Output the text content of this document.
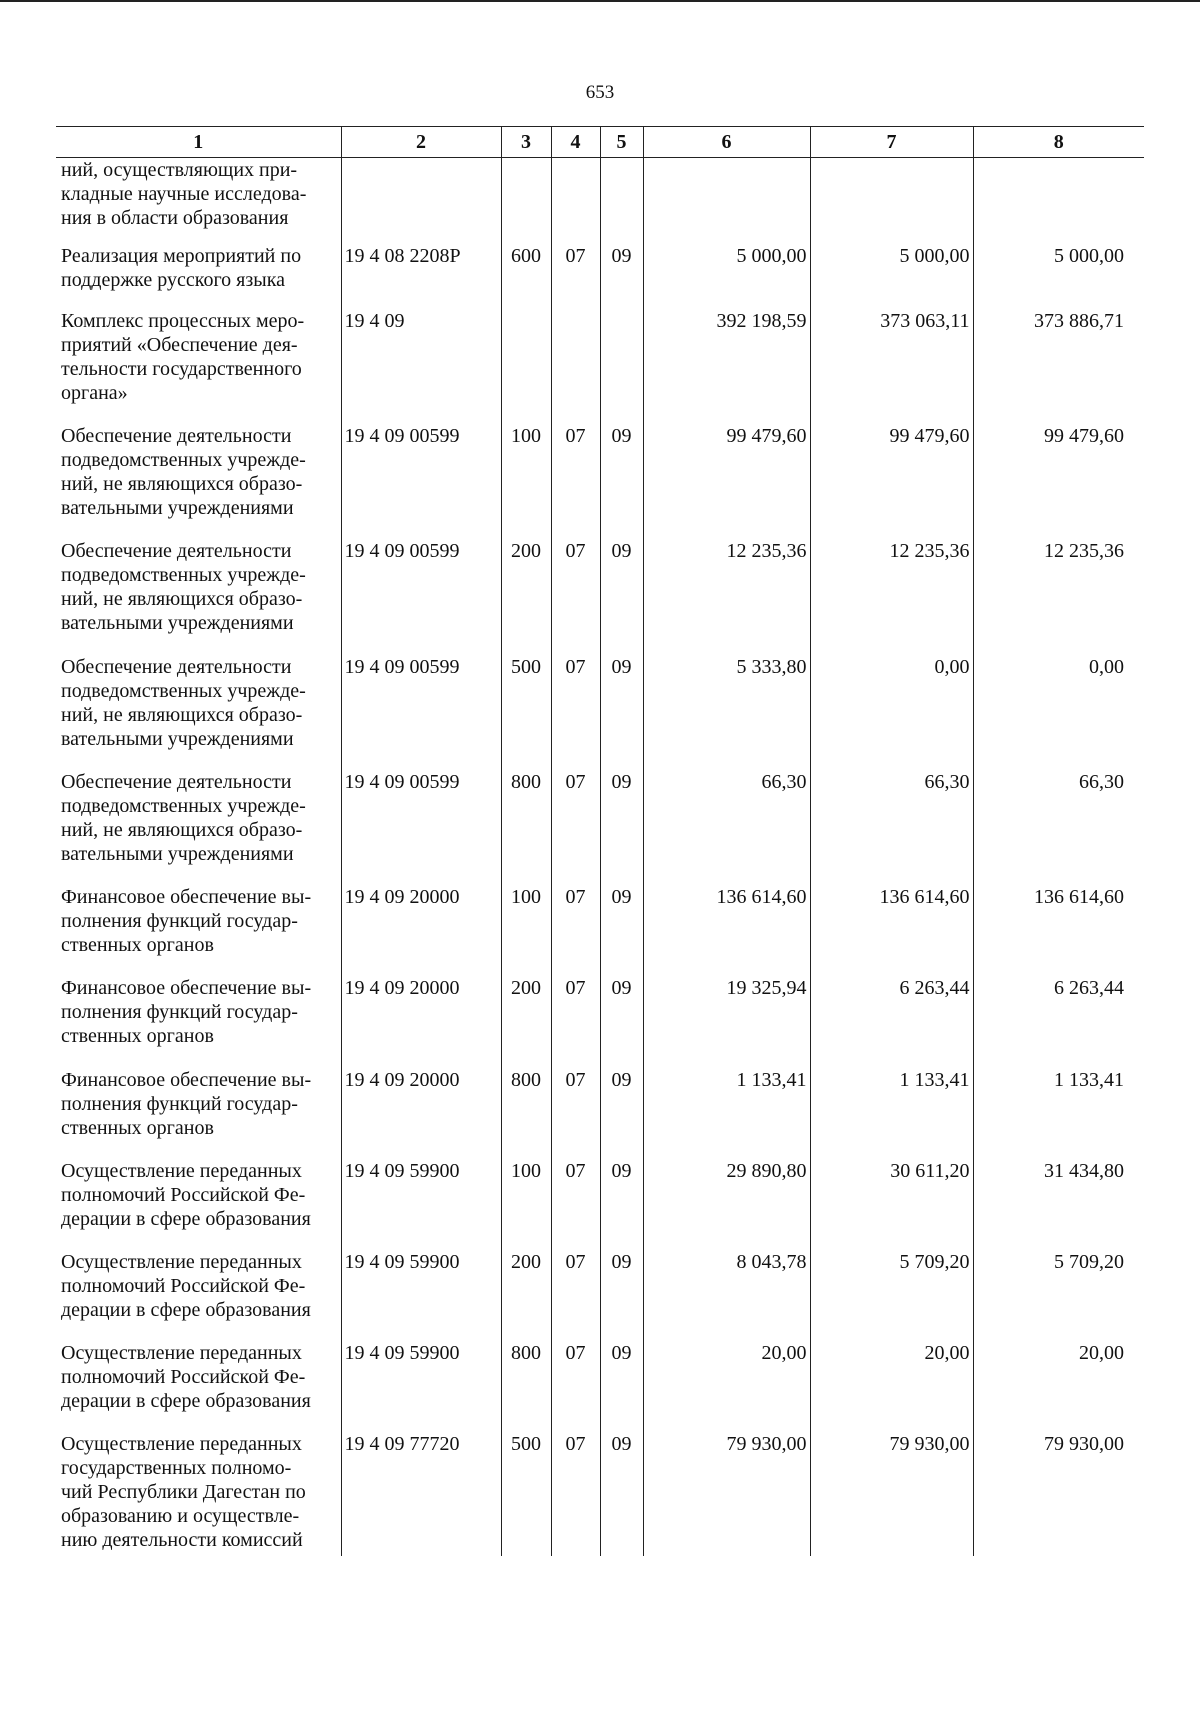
653
1	2	3	4	5	6	7	8

ний, осуществляющих при-
кладные научные исследова-
ния в области образования							

Реализация мероприятий по
поддержке русского языка	19 4 08 2208Р	600	07	09	5 000,00	5 000,00	5 000,00

Комплекс процессных меро-
приятий «Обеспечение дея-
тельности государственного
органа»	19 4 09				392 198,59	373 063,11	373 886,71

Обеспечение деятельности
подведомственных учрежде-
ний, не являющихся образо-
вательными учреждениями	19 4 09 00599	100	07	09	99 479,60	99 479,60	99 479,60

Обеспечение деятельности
подведомственных учрежде-
ний, не являющихся образо-
вательными учреждениями	19 4 09 00599	200	07	09	12 235,36	12 235,36	12 235,36

Обеспечение деятельности
подведомственных учрежде-
ний, не являющихся образо-
вательными учреждениями	19 4 09 00599	500	07	09	5 333,80	0,00	0,00

Обеспечение деятельности
подведомственных учрежде-
ний, не являющихся образо-
вательными учреждениями	19 4 09 00599	800	07	09	66,30	66,30	66,30

Финансовое обеспечение вы-
полнения функций государ-
ственных органов	19 4 09 20000	100	07	09	136 614,60	136 614,60	136 614,60

Финансовое обеспечение вы-
полнения функций государ-
ственных органов	19 4 09 20000	200	07	09	19 325,94	6 263,44	6 263,44

Финансовое обеспечение вы-
полнения функций государ-
ственных органов	19 4 09 20000	800	07	09	1 133,41	1 133,41	1 133,41

Осуществление переданных
полномочий Российской Фе-
дерации в сфере образования	19 4 09 59900	100	07	09	29 890,80	30 611,20	31 434,80

Осуществление переданных
полномочий Российской Фе-
дерации в сфере образования	19 4 09 59900	200	07	09	8 043,78	5 709,20	5 709,20

Осуществление переданных
полномочий Российской Фе-
дерации в сфере образования	19 4 09 59900	800	07	09	20,00	20,00	20,00

Осуществление переданных
государственных полномо-
чий Республики Дагестан по
образованию и осуществле-
нию деятельности комиссий	19 4 09 77720	500	07	09	79 930,00	79 930,00	79 930,00
